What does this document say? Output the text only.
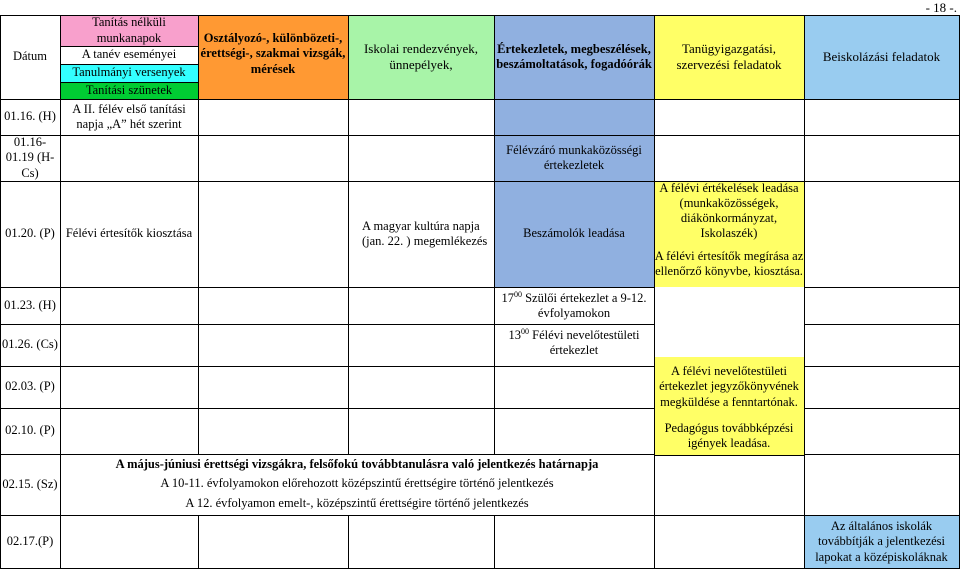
- 18 -.
Dátum
Tanítás nélküli munkanapok
A tanév eseményei
Tanulmányi versenyek
Tanítási szünetek
Osztályozó-, különbözeti-, érettségi-, szakmai vizsgák, mérések
Iskolai rendezvények, ünnepélyek,
Értekezletek, megbeszélések, beszámoltatások, fogadóórák
Tanügyigazgatási, szervezési feladatok
Beiskolázási feladatok
01.16. (H)
01.16-01.19 (H-Cs)
01.20. (P)
01.23. (H)
01.26. (Cs)
02.03. (P)
02.10. (P)
02.15. (Sz)
02.17.(P)
A II. félév első tanítási napja „A” hét szerint
Félévi értesítők kiosztása
A magyar kultúra napja (jan. 22. ) megemlékezés
Félévzáró munkaközösségi értekezletek
Beszámolók leadása
$17^{00}$ Szülői értekezlet a 9-12. évfolyamokon
$13^{00}$ Félévi nevelőtestületi értekezlet
A félévi értékelések leadása (munkaközösségek, diákönkormányzat, Iskolaszék)
A félévi értesítők megírása az ellenőrző könyvbe, kiosztása.
A félévi nevelőtestületi értekezlet jegyzőkönyvének megküldése a fenntartónak.
Pedagógus továbbképzési igények leadása.
A május-júniusi érettségi vizsgákra, felsőfokú továbbtanulásra való jelentkezés határnapja
A 10-11. évfolyamokon előrehozott középszintű érettségire történő jelentkezés
A 12. évfolyamon emelt-, középszintű érettségire történő jelentkezés
Az általános iskolák továbbítják a jelentkezési lapokat a középiskoláknak
